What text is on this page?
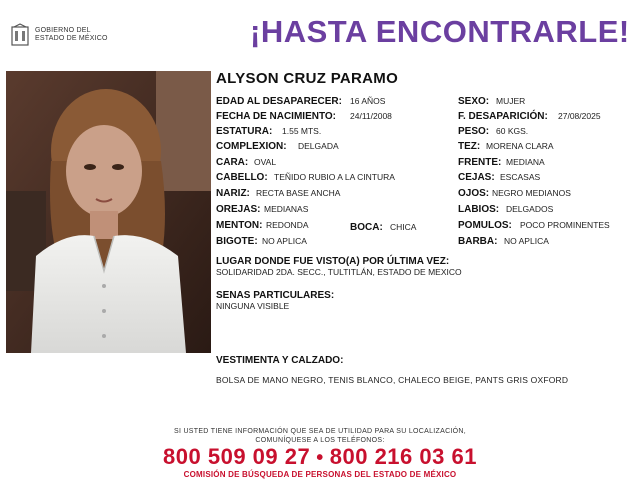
GOBIERNO DEL
ESTADO DE MÉXICO	¡HASTA ENCONTRARLE!
ALYSON CRUZ PARAMO
EDAD AL DESAPARECER: 16 AÑOS
FECHA DE NACIMIENTO: 24/11/2008
ESTATURA: 1.55 MTS.
COMPLEXION: DELGADA
CARA: OVAL
CABELLO: TEÑIDO RUBIO A LA CINTURA
NARIZ: RECTA BASE ANCHA
OREJAS: MEDIANAS
MENTON: REDONDA	BOCA: CHICA
BIGOTE: NO APLICA
SEXO: MUJER
F. DESAPARICIÓN: 27/08/2025
PESO: 60 KGS.
TEZ: MORENA CLARA
FRENTE: MEDIANA
CEJAS: ESCASAS
OJOS: NEGRO MEDIANOS
LABIOS: DELGADOS
POMULOS: POCO PROMINENTES
BARBA: NO APLICA
LUGAR DONDE FUE VISTO(A) POR ÚLTIMA VEZ:
SOLIDARIDAD 2DA. SECC., TULTITLÁN, ESTADO DE MEXICO
SENAS PARTICULARES:
NINGUNA VISIBLE
VESTIMENTA Y CALZADO:
BOLSA DE MANO NEGRO, TENIS BLANCO, CHALECO BEIGE, PANTS GRIS OXFORD
SI USTED TIENE INFORMACIÓN QUE SEA DE UTILIDAD PARA SU LOCALIZACIÓN,
COMUNÍQUESE A LOS TELÉFONOS:
800 509 09 27 • 800 216 03 61
COMISIÓN DE BÚSQUEDA DE PERSONAS DEL ESTADO DE MÉXICO
